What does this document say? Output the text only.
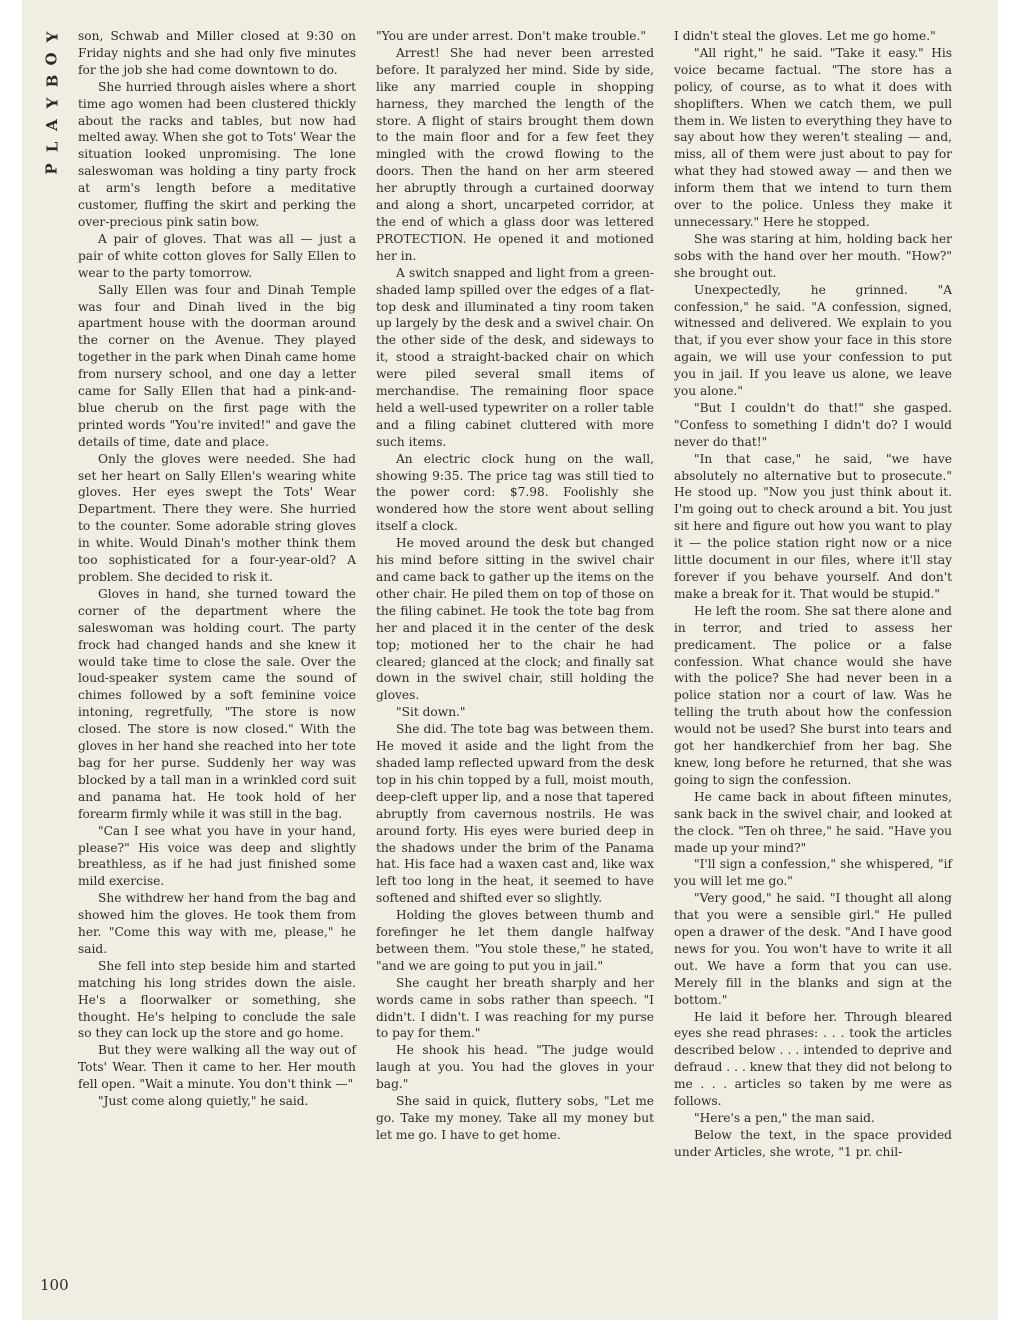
Y
O
B
Y
A
L
P
100

son, Schwab and Miller closed at 9:30 on Friday nights and she had only five minutes for the job she had come downtown to do.

She hurried through aisles where a short time ago women had been clustered thickly about the racks and tables, but now had melted away. When she got to Tots' Wear the situation looked unpromising. The lone saleswoman was holding a tiny party frock at arm's length before a meditative customer, fluffing the skirt and perking the over-precious pink satin bow.

A pair of gloves. That was all — just a pair of white cotton gloves for Sally Ellen to wear to the party tomorrow.

Sally Ellen was four and Dinah Temple was four and Dinah lived in the big apartment house with the doorman around the corner on the Avenue. They played together in the park when Dinah came home from nursery school, and one day a letter came for Sally Ellen that had a pink-and-blue cherub on the first page with the printed words "You're invited!" and gave the details of time, date and place.

Only the gloves were needed. She had set her heart on Sally Ellen's wearing white gloves. Her eyes swept the Tots' Wear Department. There they were. She hurried to the counter. Some adorable string gloves in white. Would Dinah's mother think them too sophisticated for a four-year-old? A problem. She decided to risk it.

Gloves in hand, she turned toward the corner of the department where the saleswoman was holding court. The party frock had changed hands and she knew it would take time to close the sale. Over the loud-speaker system came the sound of chimes followed by a soft feminine voice intoning, regretfully, "The store is now closed. The store is now closed." With the gloves in her hand she reached into her tote bag for her purse. Suddenly her way was blocked by a tall man in a wrinkled cord suit and panama hat. He took hold of her forearm firmly while it was still in the bag.

"Can I see what you have in your hand, please?" His voice was deep and slightly breathless, as if he had just finished some mild exercise.

She withdrew her hand from the bag and showed him the gloves. He took them from her. "Come this way with me, please," he said.

She fell into step beside him and started matching his long strides down the aisle. He's a floorwalker or something, she thought. He's helping to conclude the sale so they can lock up the store and go home.

But they were walking all the way out of Tots' Wear. Then it came to her. Her mouth fell open. "Wait a minute. You don't think —"

"Just come along quietly," he said.

"You are under arrest. Don't make trouble."

Arrest! She had never been arrested before. It paralyzed her mind. Side by side, like any married couple in shopping harness, they marched the length of the store. A flight of stairs brought them down to the main floor and for a few feet they mingled with the crowd flowing to the doors. Then the hand on her arm steered her abruptly through a curtained doorway and along a short, uncarpeted corridor, at the end of which a glass door was lettered PROTECTION. He opened it and motioned her in.

A switch snapped and light from a green-shaded lamp spilled over the edges of a flat-top desk and illuminated a tiny room taken up largely by the desk and a swivel chair. On the other side of the desk, and sideways to it, stood a straight-backed chair on which were piled several small items of merchandise. The remaining floor space held a well-used typewriter on a roller table and a filing cabinet cluttered with more such items.

An electric clock hung on the wall, showing 9:35. The price tag was still tied to the power cord: $7.98. Foolishly she wondered how the store went about selling itself a clock.

He moved around the desk but changed his mind before sitting in the swivel chair and came back to gather up the items on the other chair. He piled them on top of those on the filing cabinet. He took the tote bag from her and placed it in the center of the desk top; motioned her to the chair he had cleared; glanced at the clock; and finally sat down in the swivel chair, still holding the gloves.

"Sit down."

She did. The tote bag was between them. He moved it aside and the light from the shaded lamp reflected upward from the desk top in his chin topped by a full, moist mouth, deep-cleft upper lip, and a nose that tapered abruptly from cavernous nostrils. He was around forty. His eyes were buried deep in the shadows under the brim of the Panama hat. His face had a waxen cast and, like wax left too long in the heat, it seemed to have softened and shifted ever so slightly.

Holding the gloves between thumb and forefinger he let them dangle halfway between them. "You stole these," he stated, "and we are going to put you in jail."

She caught her breath sharply and her words came in sobs rather than speech. "I didn't. I didn't. I was reaching for my purse to pay for them."

He shook his head. "The judge would laugh at you. You had the gloves in your bag."

She said in quick, fluttery sobs, "Let me go. Take my money. Take all my money but let me go. I have to get home.

I didn't steal the gloves. Let me go home."

"All right," he said. "Take it easy." His voice became factual. "The store has a policy, of course, as to what it does with shoplifters. When we catch them, we pull them in. We listen to everything they have to say about how they weren't stealing — and, miss, all of them were just about to pay for what they had stowed away — and then we inform them that we intend to turn them over to the police. Unless they make it unnecessary." Here he stopped.

She was staring at him, holding back her sobs with the hand over her mouth. "How?" she brought out.

Unexpectedly, he grinned. "A confession," he said. "A confession, signed, witnessed and delivered. We explain to you that, if you ever show your face in this store again, we will use your confession to put you in jail. If you leave us alone, we leave you alone."

"But I couldn't do that!" she gasped. "Confess to something I didn't do? I would never do that!"

"In that case," he said, "we have absolutely no alternative but to prosecute." He stood up. "Now you just think about it. I'm going out to check around a bit. You just sit here and figure out how you want to play it — the police station right now or a nice little document in our files, where it'll stay forever if you behave yourself. And don't make a break for it. That would be stupid."

He left the room. She sat there alone and in terror, and tried to assess her predicament. The police or a false confession. What chance would she have with the police? She had never been in a police station nor a court of law. Was he telling the truth about how the confession would not be used? She burst into tears and got her handkerchief from her bag. She knew, long before he returned, that she was going to sign the confession.

He came back in about fifteen minutes, sank back in the swivel chair, and looked at the clock. "Ten oh three," he said. "Have you made up your mind?"

"I'll sign a confession," she whispered, "if you will let me go."

"Very good," he said. "I thought all along that you were a sensible girl." He pulled open a drawer of the desk. "And I have good news for you. You won't have to write it all out. We have a form that you can use. Merely fill in the blanks and sign at the bottom."

He laid it before her. Through bleared eyes she read phrases: . . . took the articles described below . . . intended to deprive and defraud . . . knew that they did not belong to me . . . articles so taken by me were as follows.

"Here's a pen," the man said.

Below the text, in the space provided under Articles, she wrote, "1 pr. chil-
